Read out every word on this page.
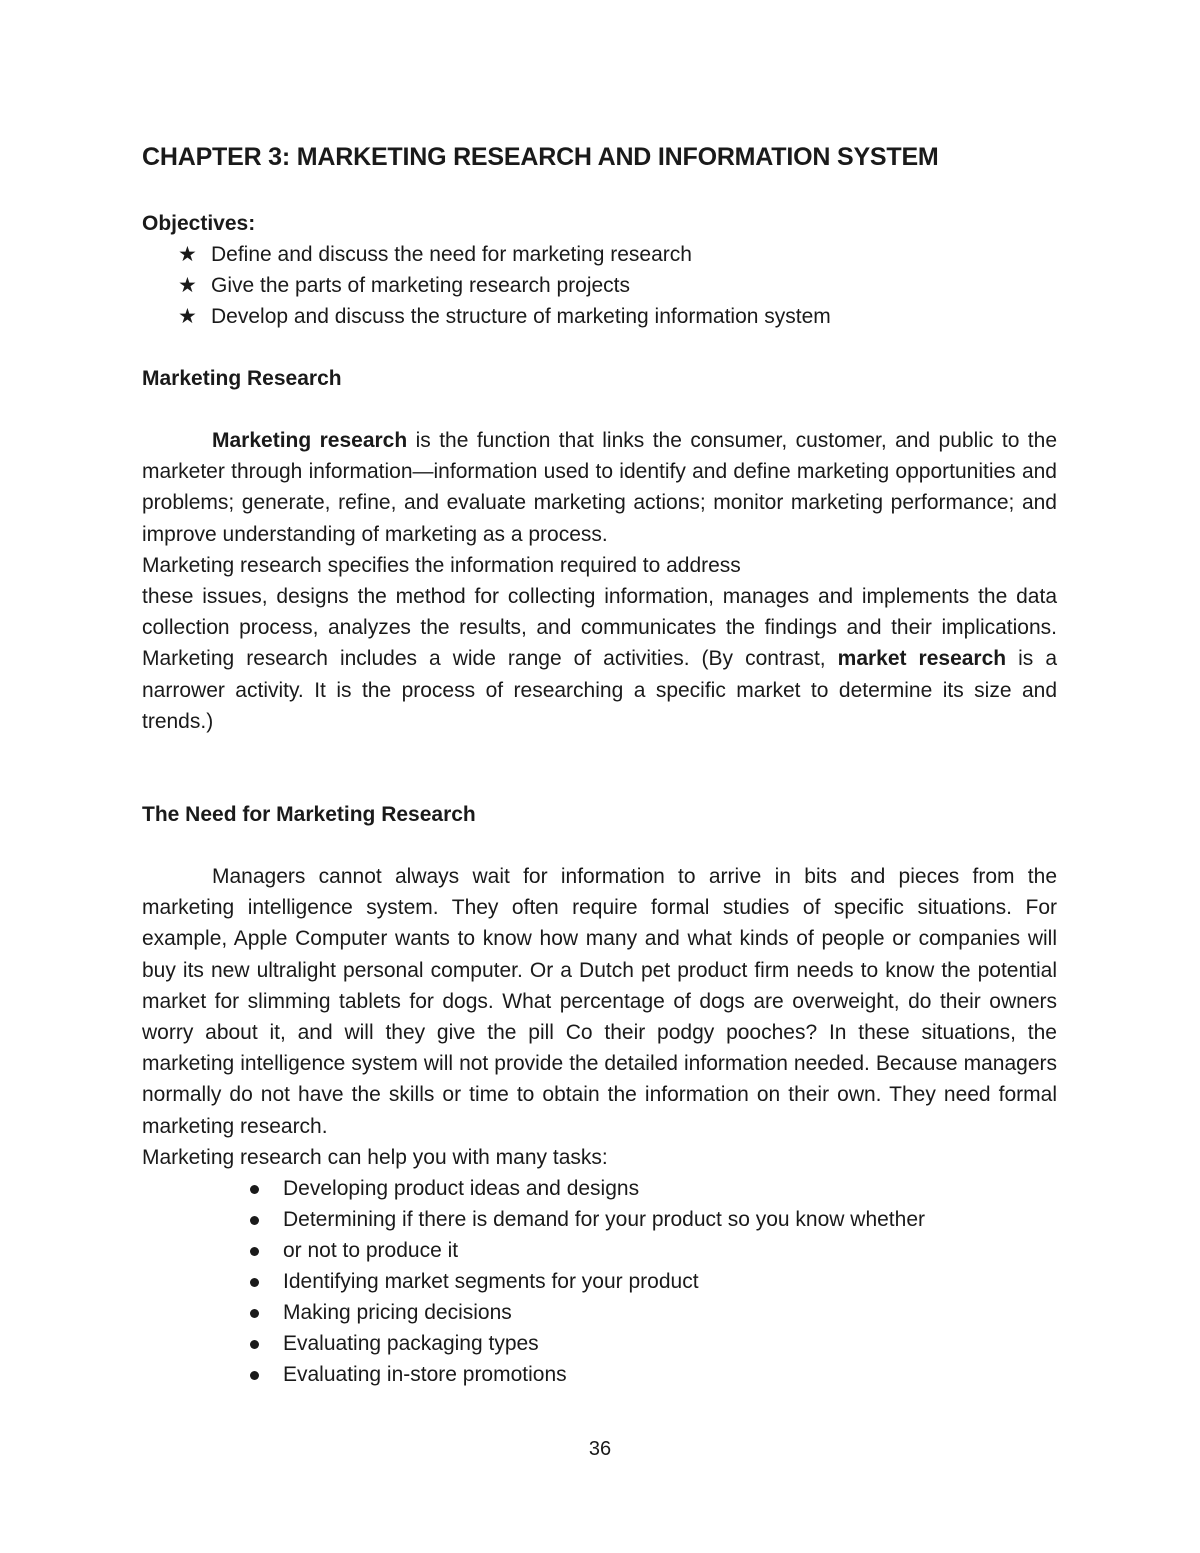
CHAPTER 3: MARKETING RESEARCH AND INFORMATION SYSTEM
Objectives:
★ Define and discuss the need for marketing research
★ Give the parts of marketing research projects
★ Develop and discuss the structure of marketing information system
Marketing Research

Marketing research is the function that links the consumer, customer, and public to the marketer through information—information used to identify and define marketing opportunities and problems; generate, refine, and evaluate marketing actions; monitor marketing performance; and improve understanding of marketing as a process.
Marketing research specifies the information required to address

these issues, designs the method for collecting information, manages and implements the data collection process, analyzes the results, and communicates the findings and their implications. Marketing research includes a wide range of activities. (By contrast, market research is a narrower activity. It is the process of researching a specific market to determine its size and trends.)

The Need for Marketing Research

Managers cannot always wait for information to arrive in bits and pieces from the marketing intelligence system. They often require formal studies of specific situations. For example, Apple Computer wants to know how many and what kinds of people or companies will buy its new ultralight personal computer. Or a Dutch pet product firm needs to know the potential market for slimming tablets for dogs. What percentage of dogs are overweight, do their owners worry about it, and will they give the pill Co their podgy pooches? In these situations, the marketing intelligence system will not provide the detailed information needed. Because managers normally do not have the skills or time to obtain the information on their own. They need formal marketing research.
Marketing research can help you with many tasks:

Developing product ideas and designs
Determining if there is demand for your product so you know whether
or not to produce it
Identifying market segments for your product
Making pricing decisions
Evaluating packaging types
Evaluating in-store promotions
36
